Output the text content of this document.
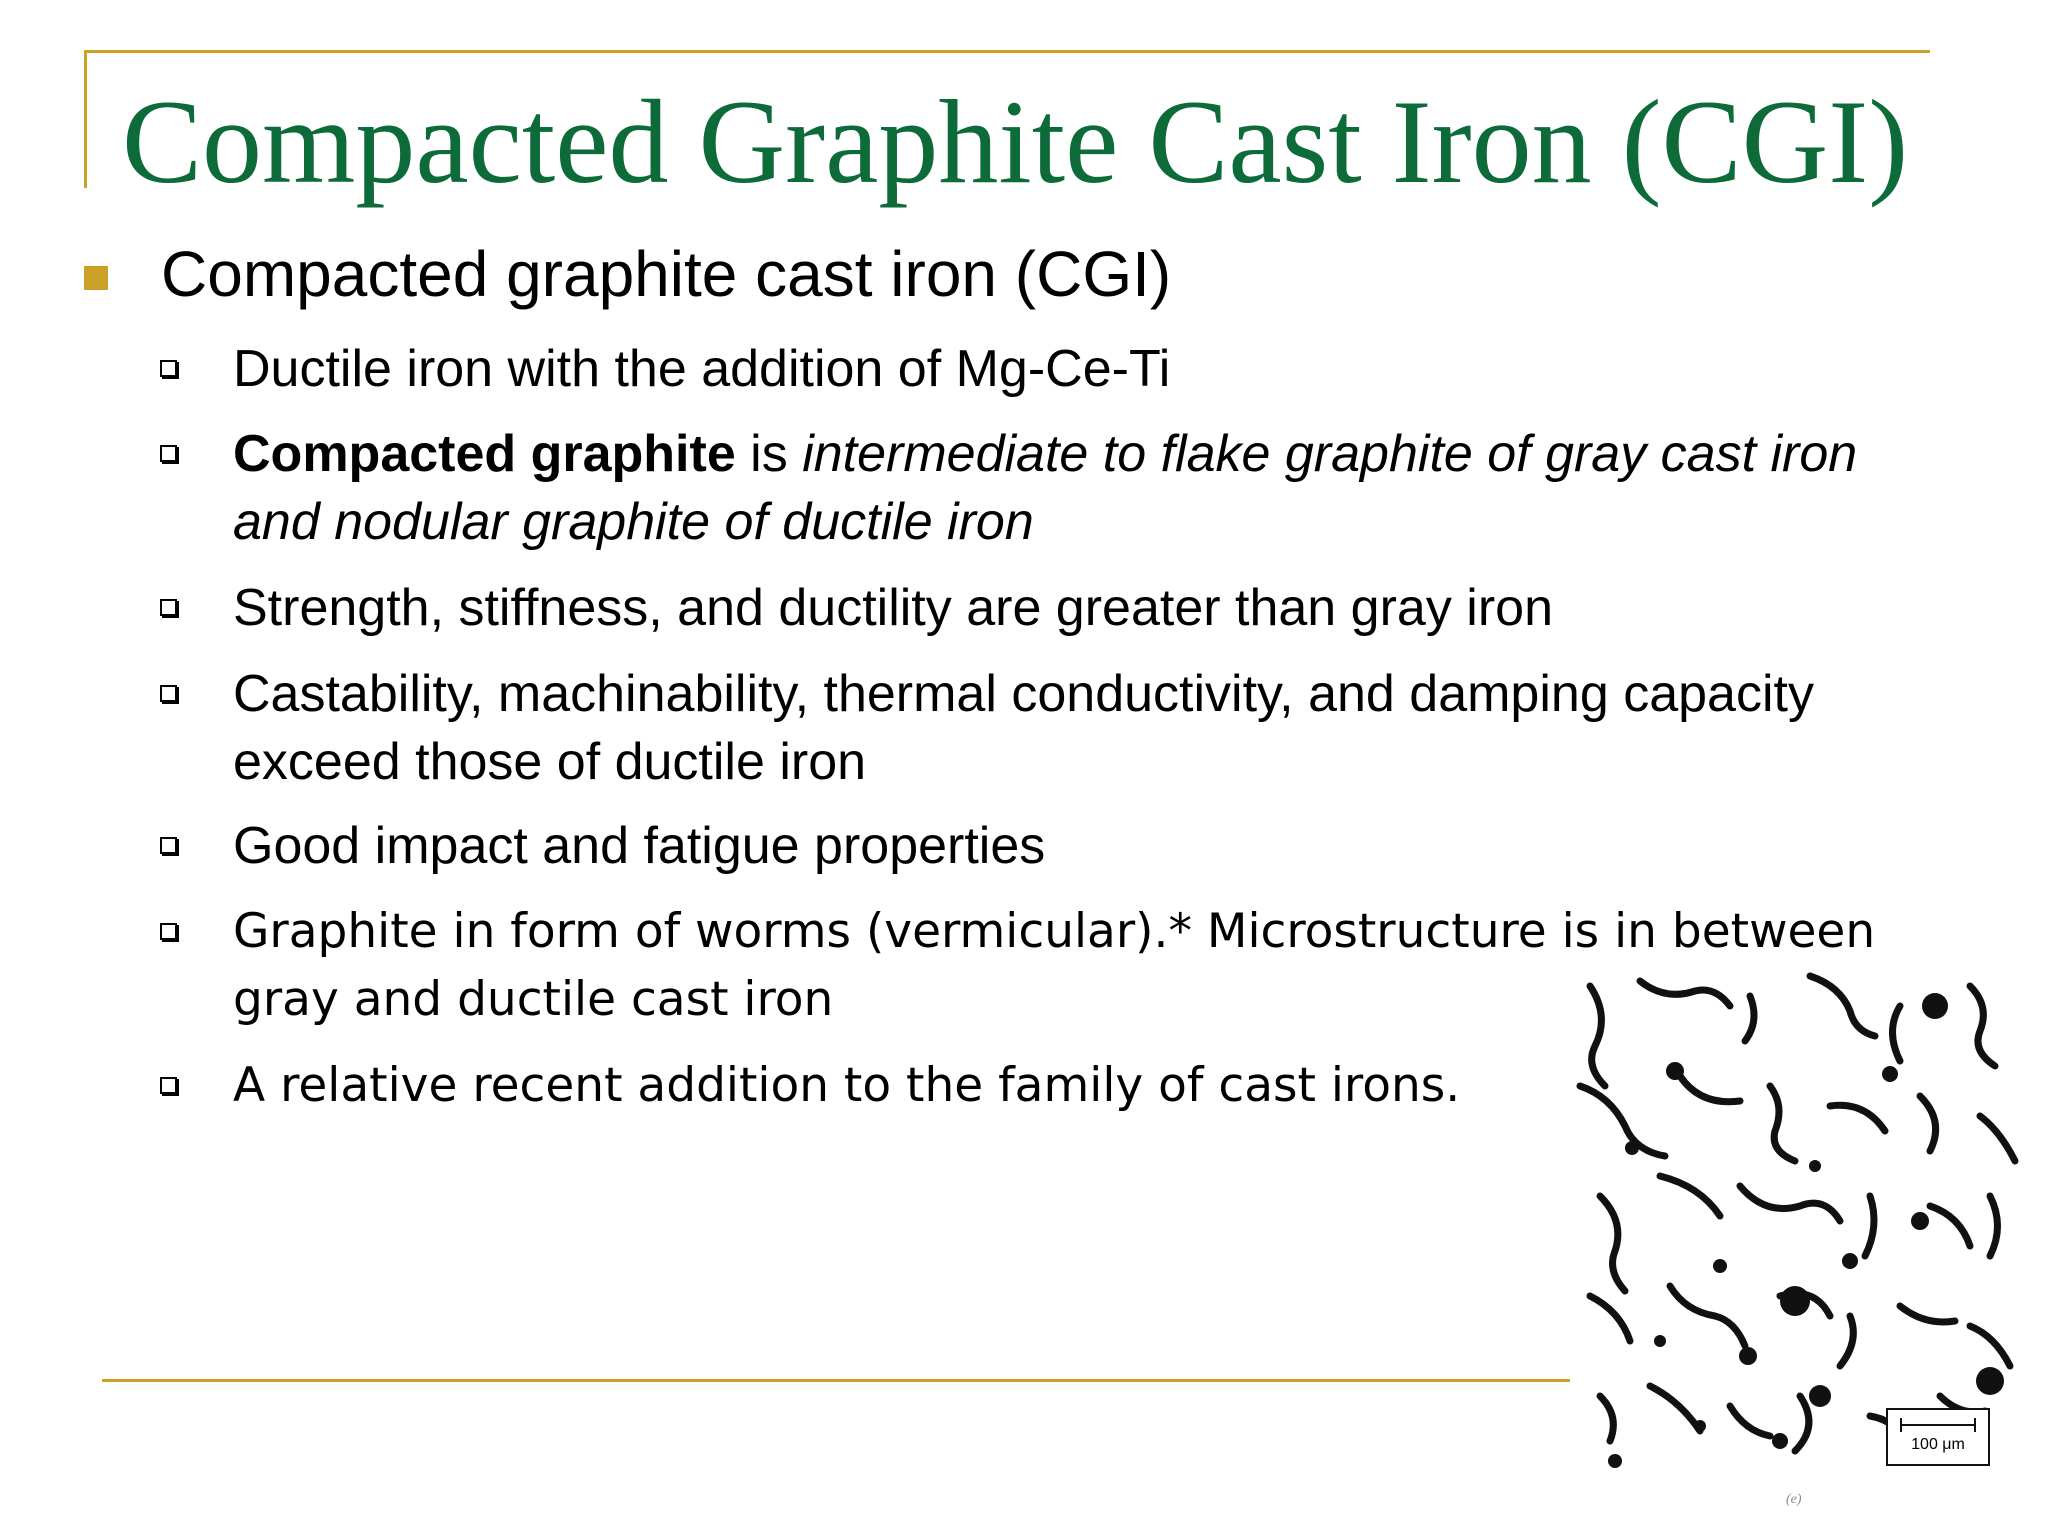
Compacted Graphite Cast Iron (CGI)
Compacted graphite cast iron (CGI)
Ductile iron with the addition of Mg-Ce-Ti
Compacted graphite is intermediate to flake graphite of gray cast iron and nodular graphite of ductile iron
Strength, stiffness, and ductility are greater than gray iron
Castability, machinability, thermal conductivity, and damping capacity exceed those of ductile iron
Good impact and fatigue properties
Graphite in form of worms (vermicular).* Microstructure is in between gray and ductile cast iron
A relative recent addition to the family of cast irons.
100 μm
(e)
